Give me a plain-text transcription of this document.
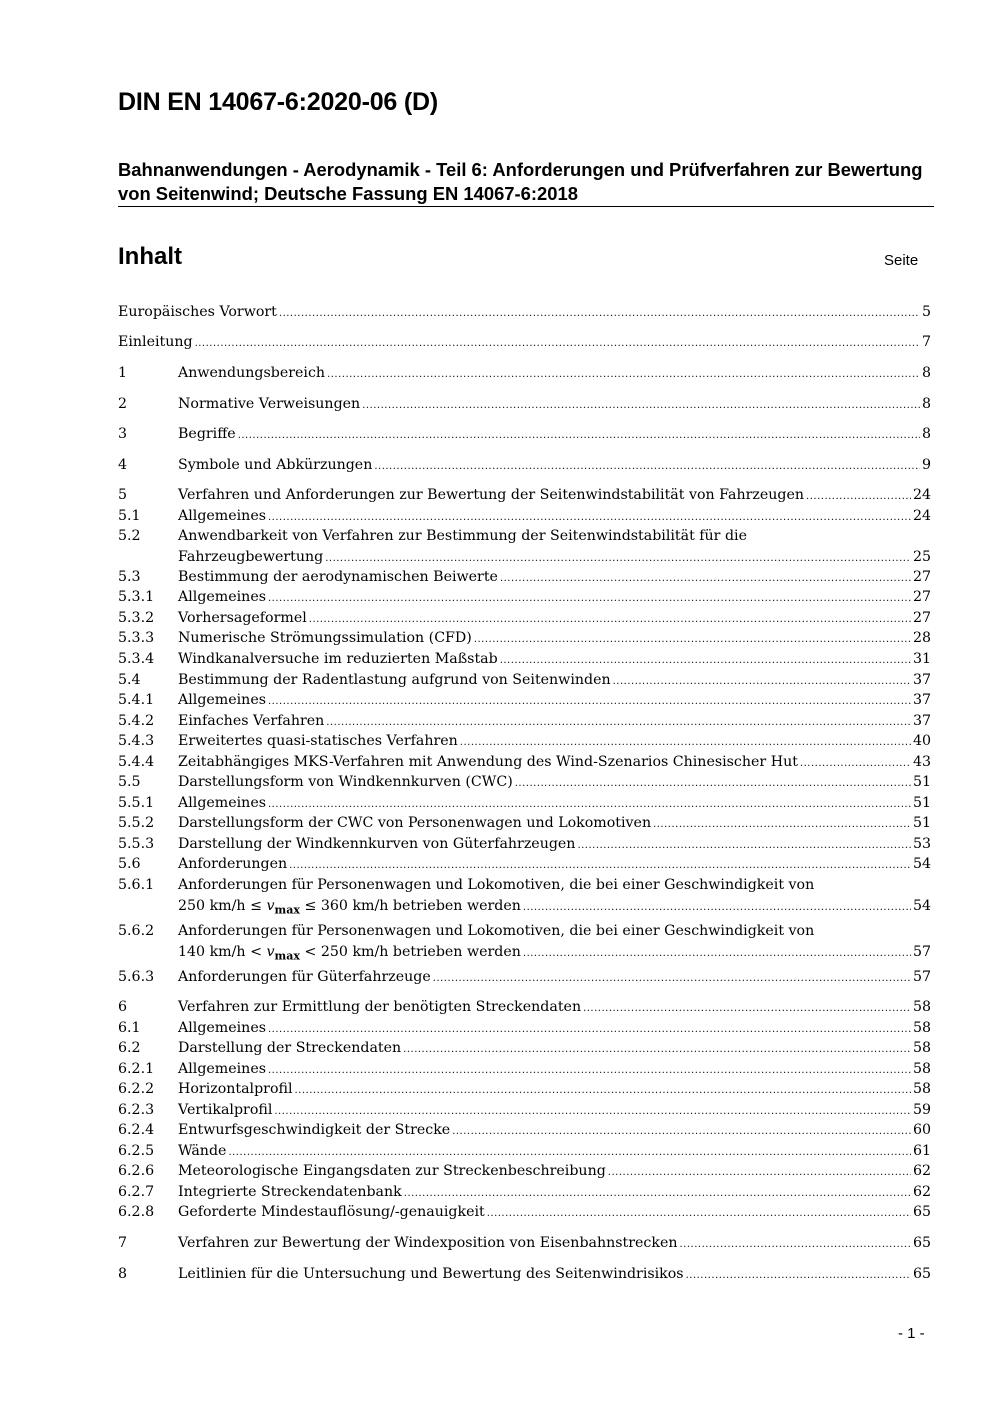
DIN EN 14067-6:2020-06 (D)
Bahnanwendungen - Aerodynamik - Teil 6: Anforderungen und Prüfverfahren zur Bewertung von Seitenwind; Deutsche Fassung EN 14067-6:2018
Inhalt	Seite
Europäisches Vorwort .....	5
Einleitung .....	7
1	Anwendungsbereich .....	8
2	Normative Verweisungen .....	8
3	Begriffe .....	8
4	Symbole und Abkürzungen .....	9
5	Verfahren und Anforderungen zur Bewertung der Seitenwindstabilität von Fahrzeugen .....	24
5.1	Allgemeines .....	24
5.2	Anwendbarkeit von Verfahren zur Bestimmung der Seitenwindstabilität für die
Fahrzeugbewertung .....	25
5.3	Bestimmung der aerodynamischen Beiwerte .....	27
5.3.1 Allgemeines .....	27
5.3.2 Vorhersageformel .....	27
5.3.3 Numerische Strömungssimulation (CFD) .....	28
5.3.4 Windkanalversuche im reduzierten Maßstab .....	31
5.4	Bestimmung der Radentlastung aufgrund von Seitenwinden .....	37
5.4.1 Allgemeines .....	37
5.4.2 Einfaches Verfahren .....	37
5.4.3 Erweitertes quasi-statisches Verfahren .....	40
5.4.4 Zeitabhängiges MKS-Verfahren mit Anwendung des Wind-Szenarios Chinesischer Hut .....	43
5.5	Darstellungsform von Windkennkurven (CWC) .....	51
5.5.1 Allgemeines .....	51
5.5.2 Darstellungsform der CWC von Personenwagen und Lokomotiven .....	51
5.5.3 Darstellung der Windkennkurven von Güterfahrzeugen .....	53
5.6	Anforderungen .....	54
5.6.1 Anforderungen für Personenwagen und Lokomotiven, die bei einer Geschwindigkeit von
250 $km/h \le v_{max} \le 360$ km/h betrieben werden .....	54
5.6.2 Anforderungen für Personenwagen und Lokomotiven, die bei einer Geschwindigkeit von
140 $km/h < v_{max} < 250$ km/h betrieben werden .....	57
5.6.3 Anforderungen für Güterfahrzeuge .....	57
6	Verfahren zur Ermittlung der benötigten Streckendaten .....	58
6.1	Allgemeines .....	58
6.2	Darstellung der Streckendaten .....	58
6.2.1 Allgemeines .....	58
6.2.2 Horizontalprofil .....	58
6.2.3 Vertikalprofil .....	59
6.2.4 Entwurfsgeschwindigkeit der Strecke .....	60
6.2.5 Wände .....	61
6.2.6 Meteorologische Eingangsdaten zur Streckenbeschreibung .....	62
6.2.7 Integrierte Streckendatenbank .....	62
6.2.8 Geforderte Mindestauflösung/-genauigkeit .....	65
7	Verfahren zur Bewertung der Windexposition von Eisenbahnstrecken .....	65
8	Leitlinien für die Untersuchung und Bewertung des Seitenwindrisikos .....	65
- 1 -
